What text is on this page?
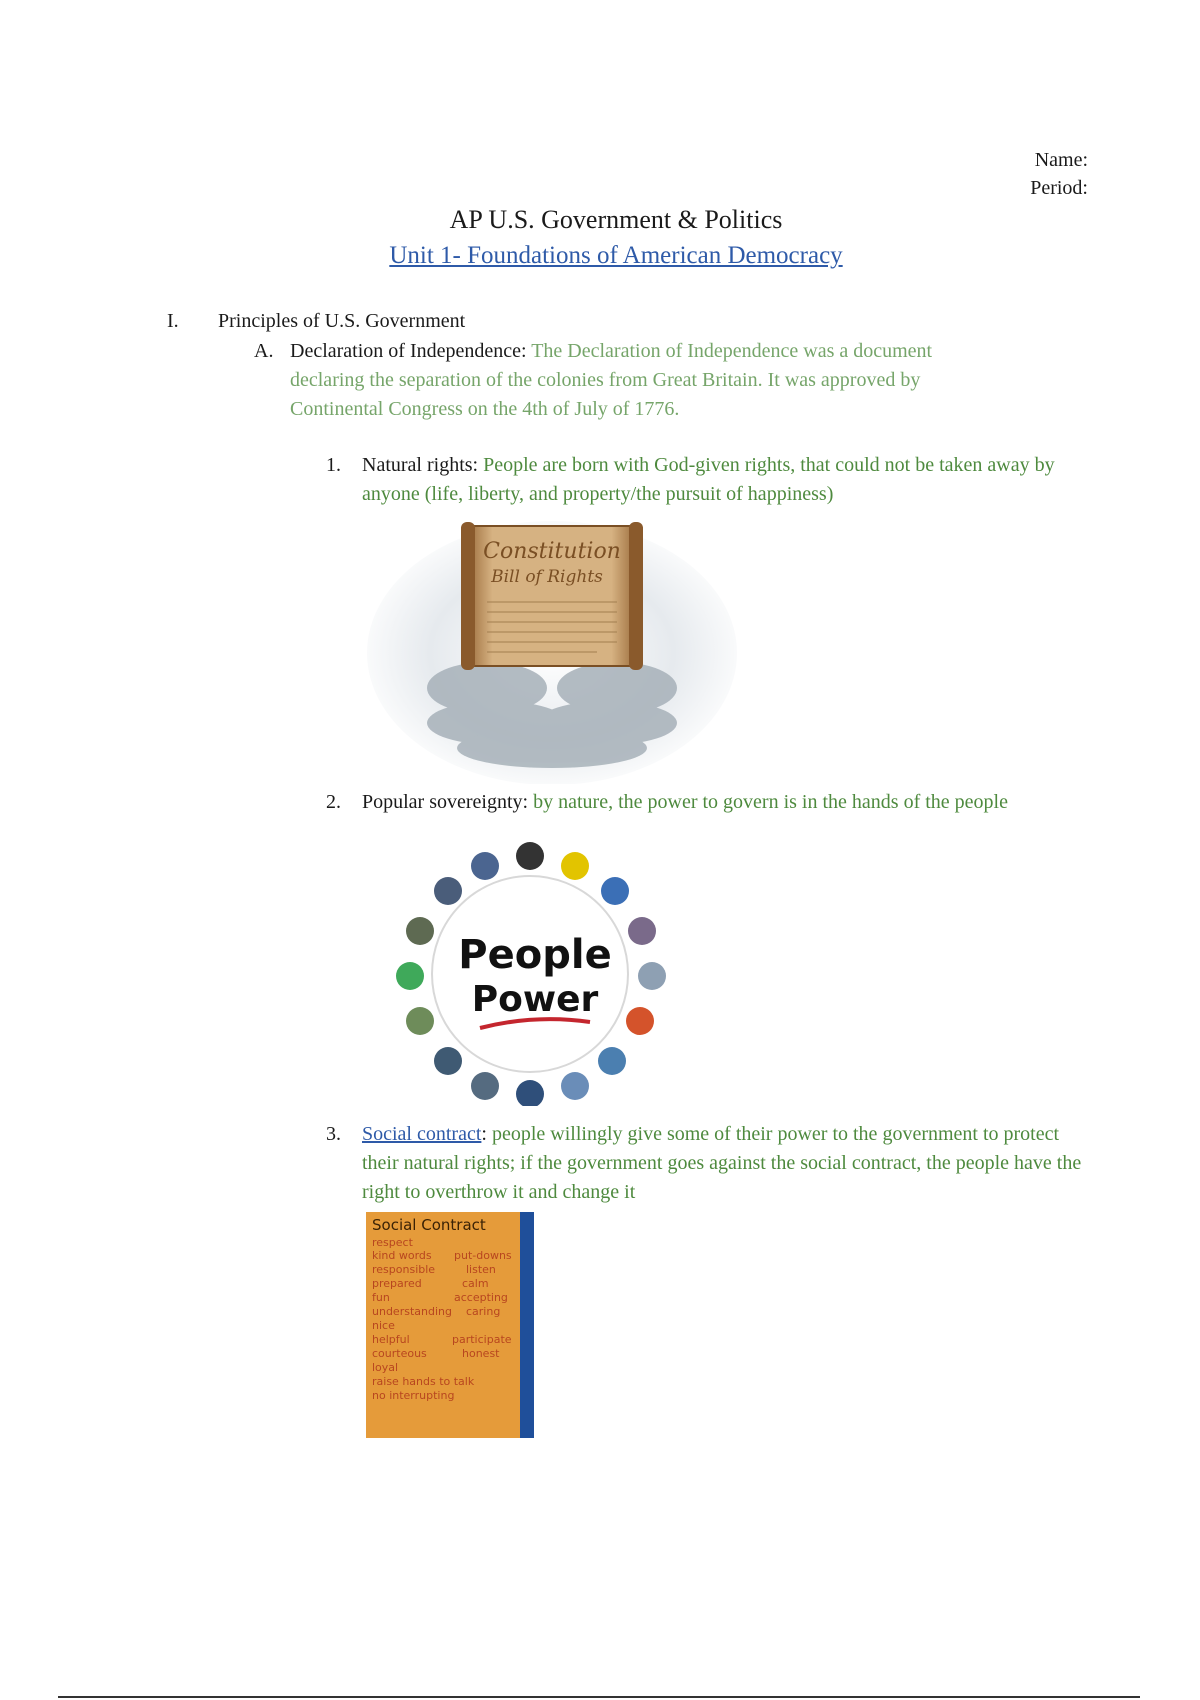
Name:
Period:
AP U.S. Government & Politics
Unit 1- Foundations of American Democracy
I. Principles of U.S. Government
A. Declaration of Independence: The Declaration of Independence was a document declaring the separation of the colonies from Great Britain. It was approved by Continental Congress on the 4th of July of 1776.
1. Natural rights: People are born with God-given rights, that could not be taken away by anyone (life, liberty, and property/the pursuit of happiness)
Constitution
Bill of Rights
2. Popular sovereignty: by nature, the power to govern is in the hands of the people
People
Power
3. Social contract: people willingly give some of their power to the government to protect their natural rights; if the government goes against the social contract, the people have the right to overthrow it and change it
Social Contract
respect
kind words put-downs
responsible	listen
prepared	calm
fun	accepting
understanding caring
nice
helpful	participate
courteous	honest
loyal
raise hands to talk
no interrupting
